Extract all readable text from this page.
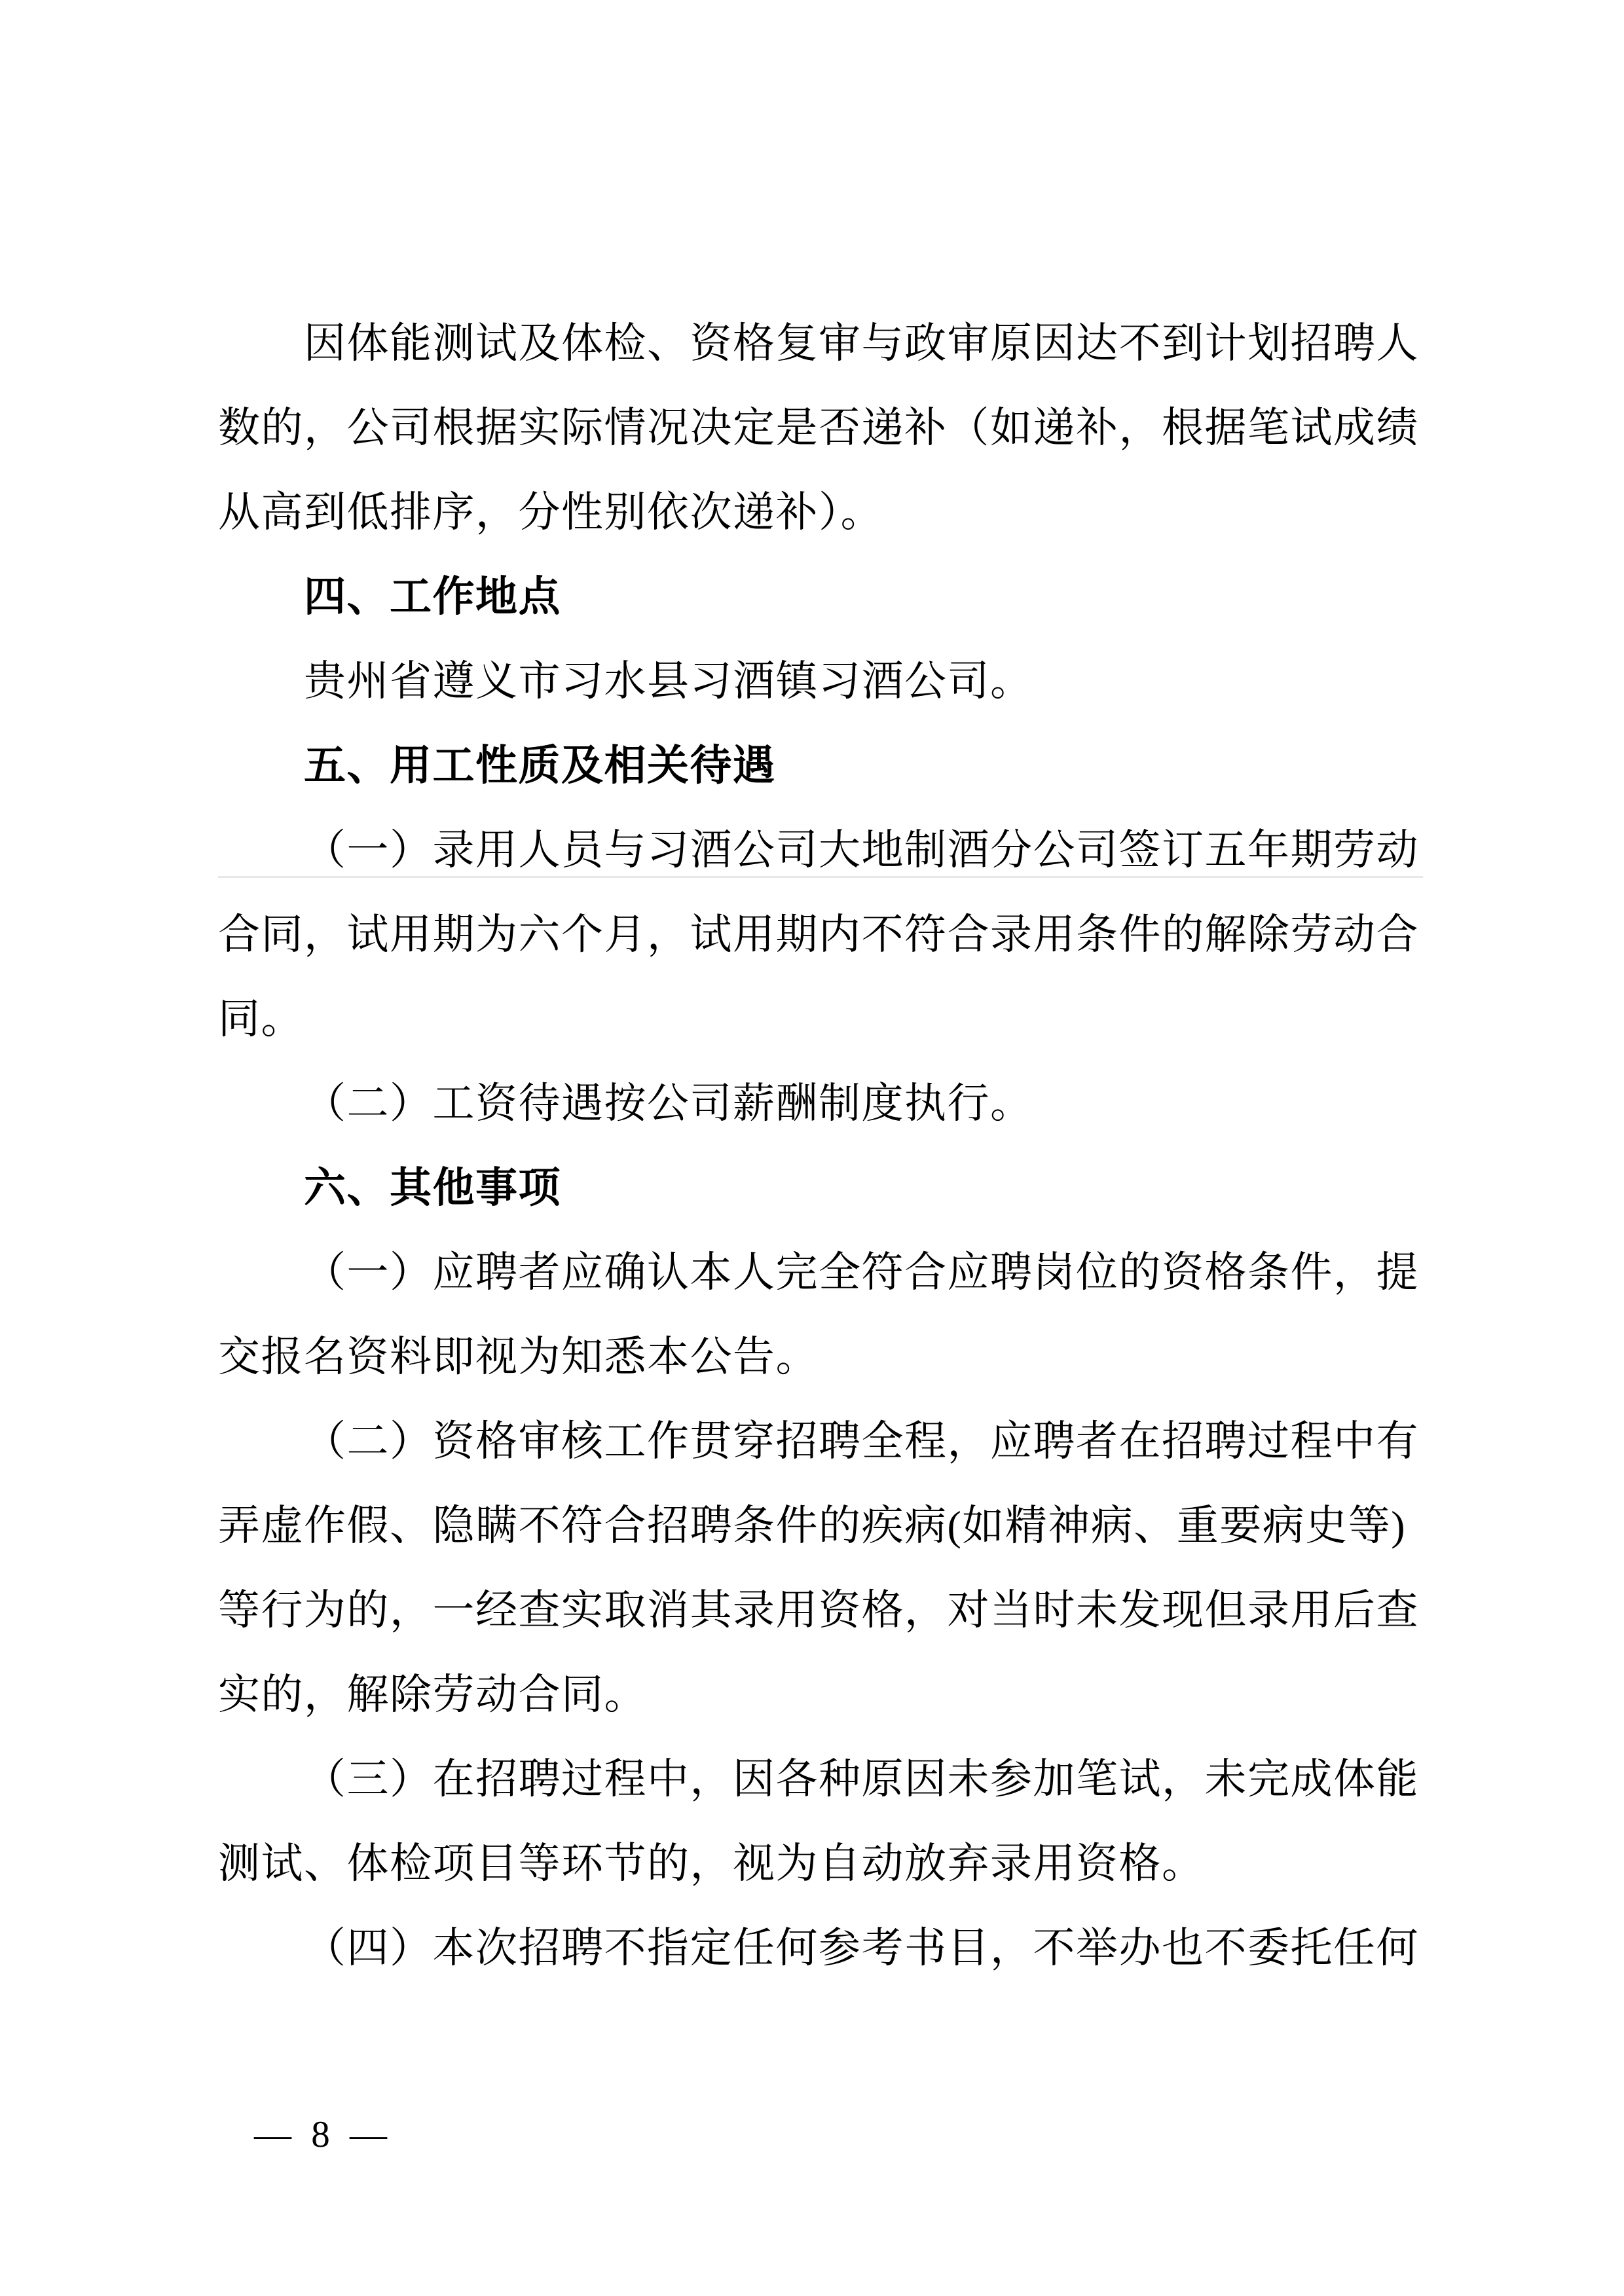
因体能测试及体检、资格复审与政审原因达不到计划招聘人
数的，公司根据实际情况决定是否递补（如递补，根据笔试成绩
从高到低排序，分性别依次递补）。
四、工作地点
贵州省遵义市习水县习酒镇习酒公司。
五、用工性质及相关待遇
（一）录用人员与习酒公司大地制酒分公司签订五年期劳动
合同，试用期为六个月，试用期内不符合录用条件的解除劳动合
同。
（二）工资待遇按公司薪酬制度执行。
六、其他事项
（一）应聘者应确认本人完全符合应聘岗位的资格条件，提
交报名资料即视为知悉本公告。
（二）资格审核工作贯穿招聘全程，应聘者在招聘过程中有
弄虚作假、隐瞒不符合招聘条件的疾病(如精神病、重要病史等)
等行为的，一经查实取消其录用资格，对当时未发现但录用后查
实的，解除劳动合同。
（三）在招聘过程中，因各种原因未参加笔试，未完成体能
测试、体检项目等环节的，视为自动放弃录用资格。
（四）本次招聘不指定任何参考书目，不举办也不委托任何
— 8 —
